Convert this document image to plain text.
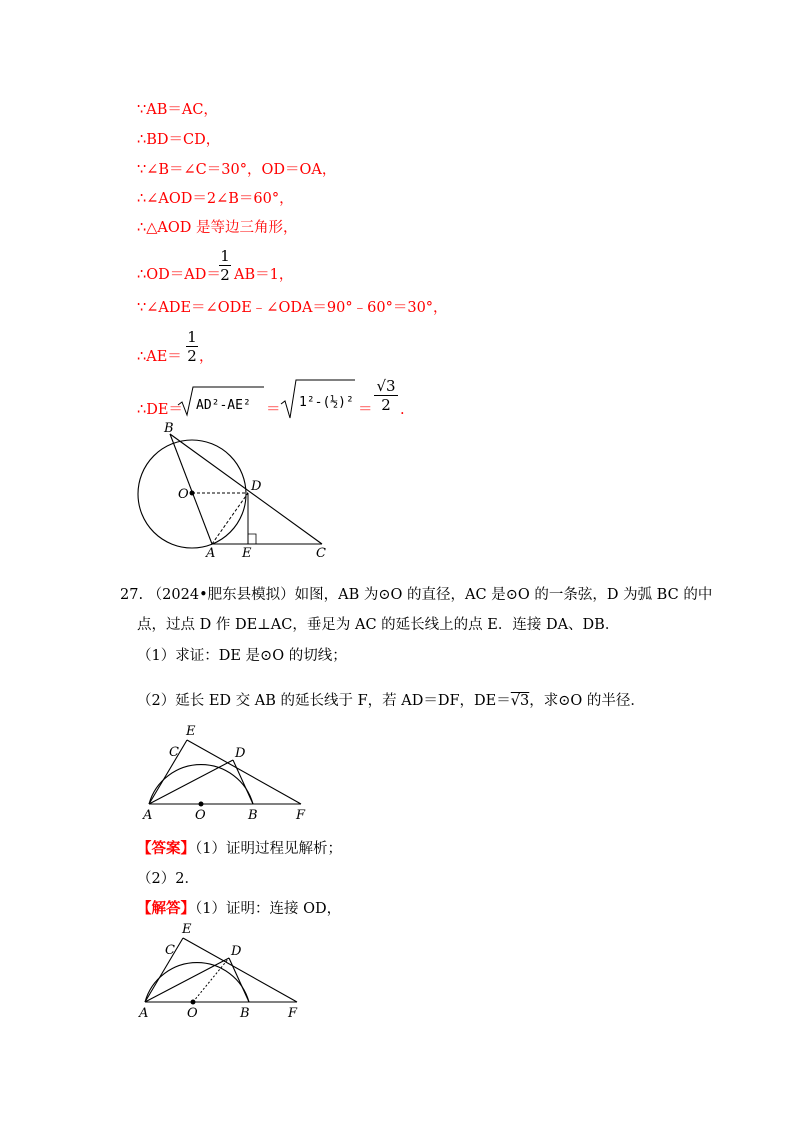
∵AB＝AC，
∴BD＝CD，
∵∠B＝∠C＝30°，OD＝OA，
∴∠AOD＝2∠B＝60°，
∴△AOD 是等边三角形，
∴OD＝AD＝
1
2 AB＝1，
∵∠ADE＝∠ODE﹣∠ODA＝90°﹣60°＝30°，
∴AE＝
1
2 ，
∴DE＝ AD²-AE² ＝ 1²-(½)² ＝
√3
2 .
B
O
D
A E	C
27. （2024•肥东县模拟）如图，AB 为⊙O 的直径，AC 是⊙O 的一条弦，D 为弧 BC 的中
点，过点 D 作 DE⊥AC，垂足为 AC 的延长线上的点 E．连接 DA、DB．
（1）求证：DE 是⊙O 的切线；
（2）延长 ED 交 AB 的延长线于 F，若 AD＝DF，DE＝√3，求⊙O 的半径．
E
C	D
A	O	B	F
【答案】（1）证明过程见解析；
（2）2．
【解答】（1）证明：连接 OD，
E
C	D
A	O	B	F
